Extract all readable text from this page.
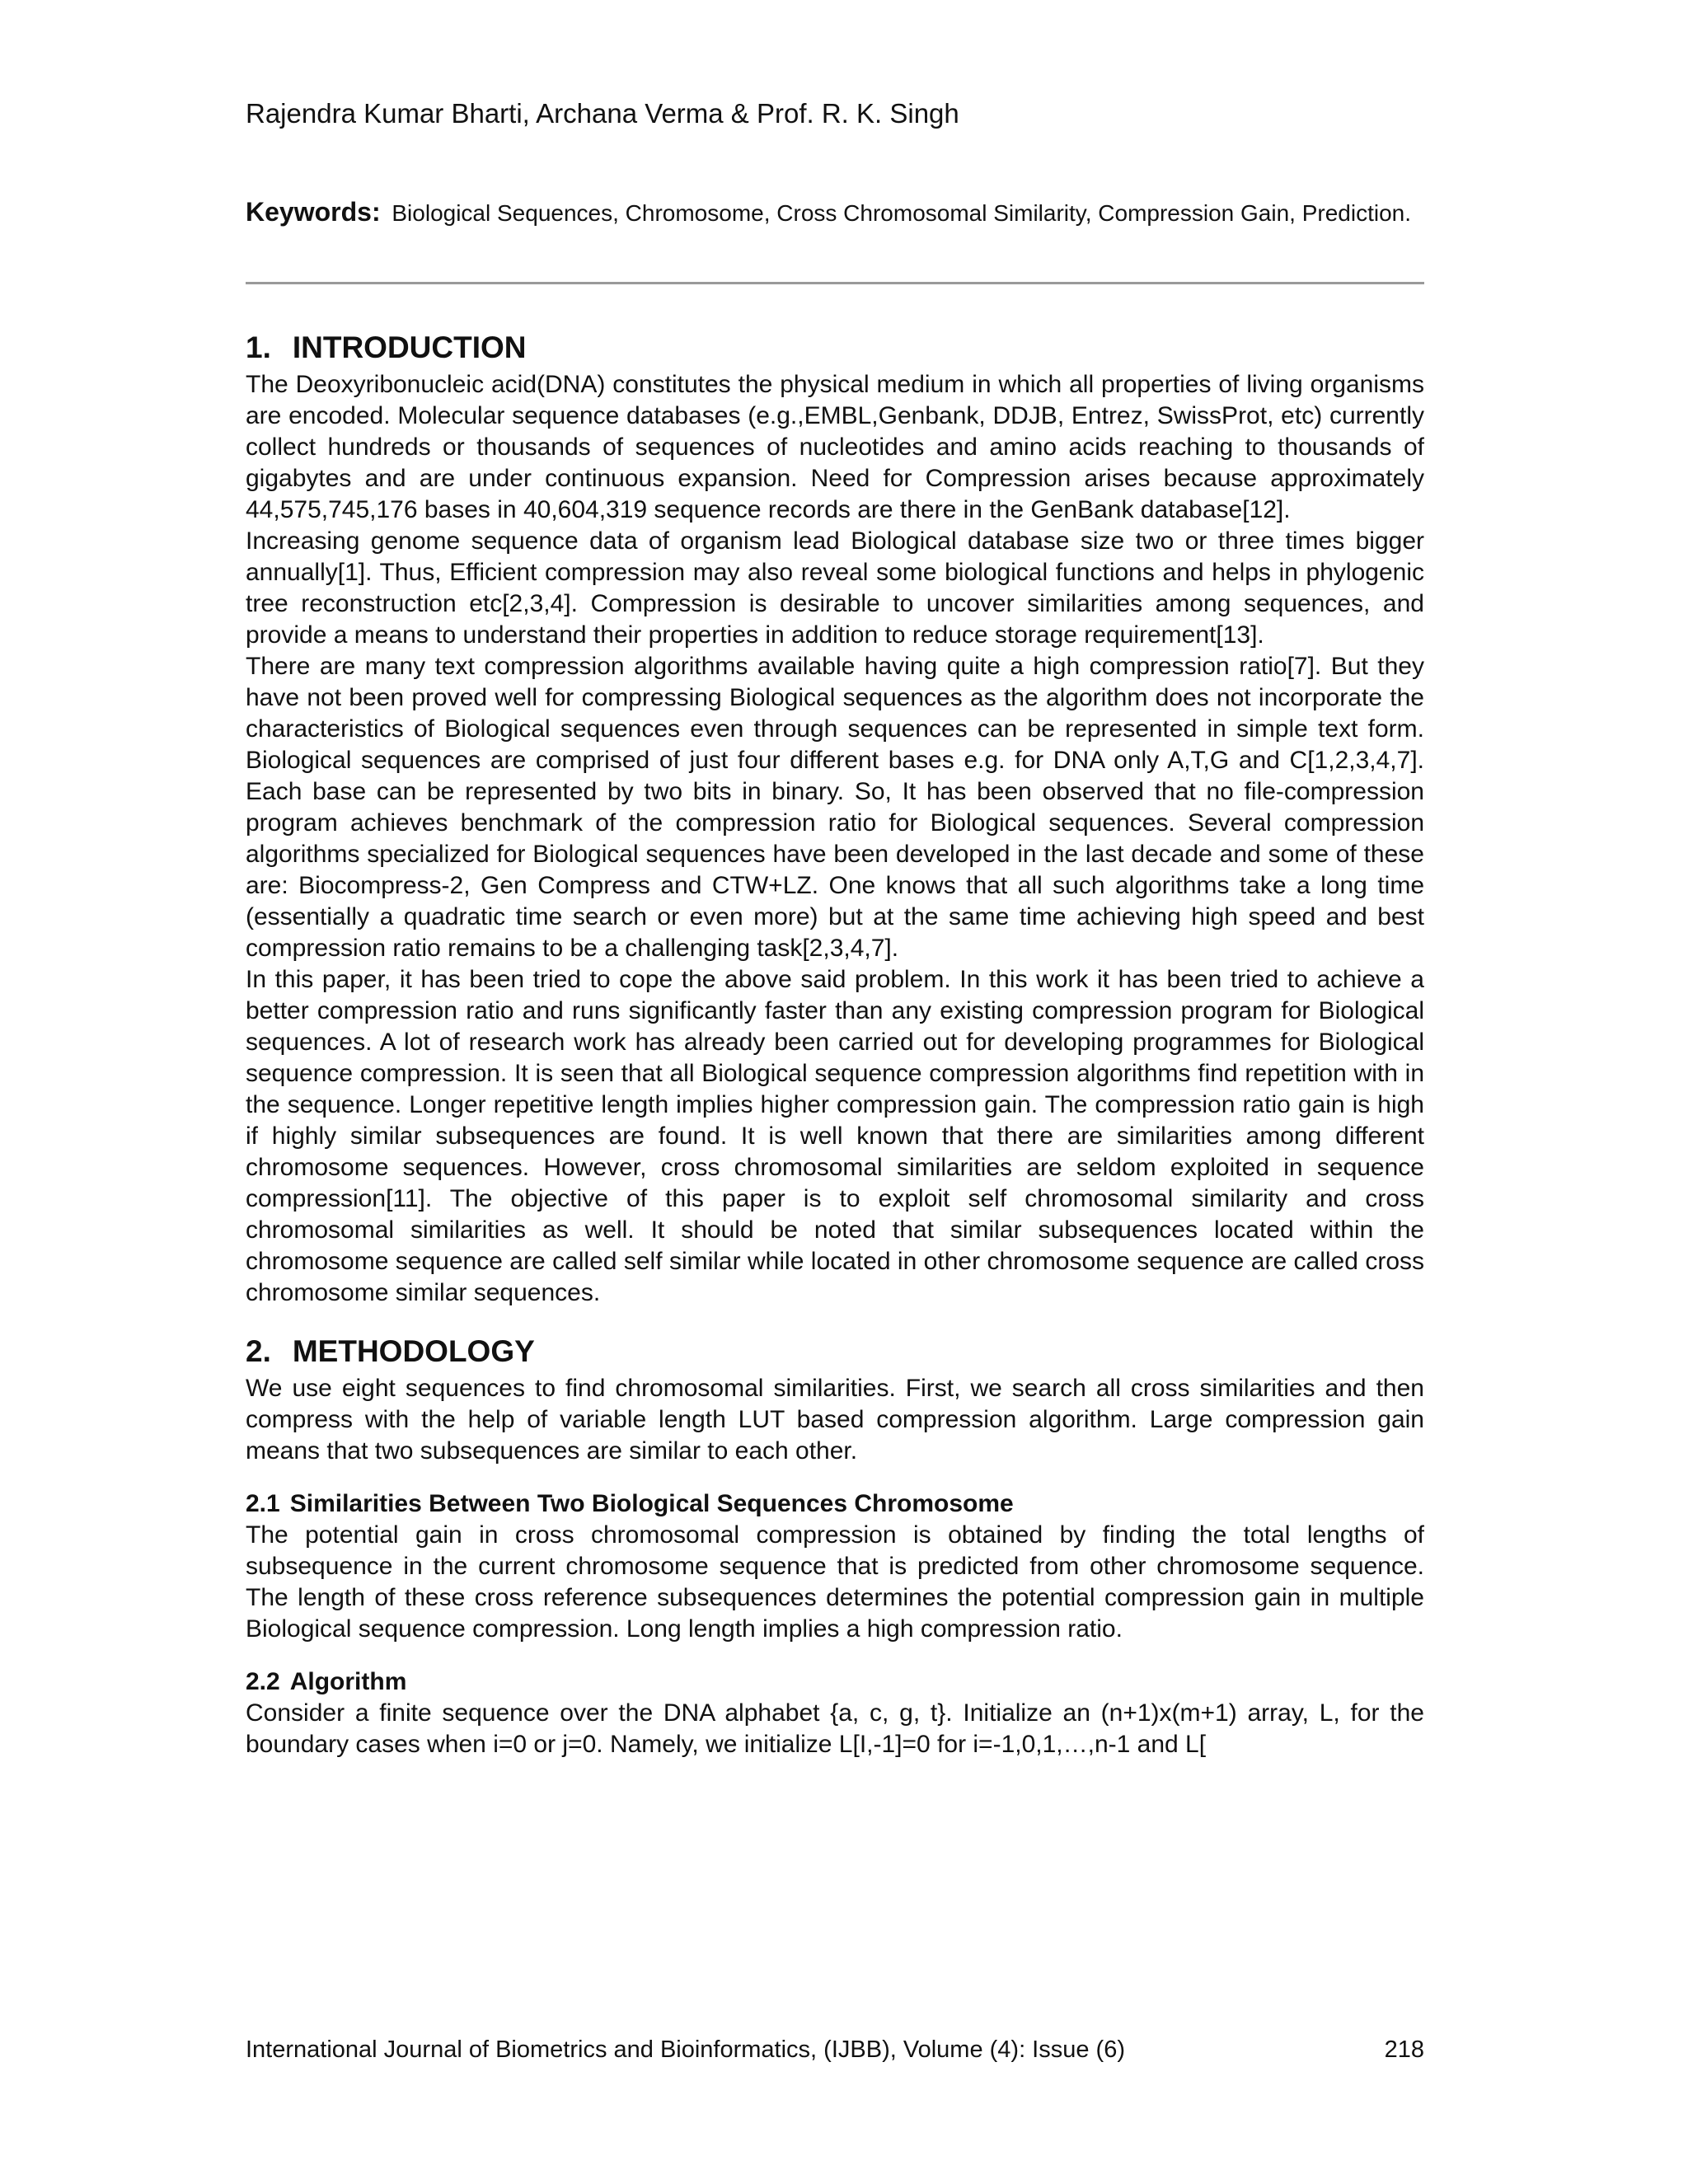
Rajendra Kumar Bharti, Archana Verma & Prof. R. K. Singh
Keywords: Biological Sequences, Chromosome, Cross Chromosomal Similarity, Compression Gain, Prediction.
1. INTRODUCTION

The Deoxyribonucleic acid(DNA) constitutes the physical medium in which all properties of living organisms are encoded. Molecular sequence databases (e.g.,EMBL,Genbank, DDJB, Entrez, SwissProt, etc) currently collect hundreds or thousands of sequences of nucleotides and amino acids reaching to thousands of gigabytes and are under continuous expansion. Need for Compression arises because approximately 44,575,745,176 bases in 40,604,319 sequence records are there in the GenBank database[12].

Increasing genome sequence data of organism lead Biological database size two or three times bigger annually[1]. Thus, Efficient compression may also reveal some biological functions and helps in phylogenic tree reconstruction etc[2,3,4]. Compression is desirable to uncover similarities among sequences, and provide a means to understand their properties in addition to reduce storage requirement[13].

There are many text compression algorithms available having quite a high compression ratio[7]. But they have not been proved well for compressing Biological sequences as the algorithm does not incorporate the characteristics of Biological sequences even through sequences can be represented in simple text form. Biological sequences are comprised of just four different bases e.g. for DNA only A,T,G and C[1,2,3,4,7]. Each base can be represented by two bits in binary. So, It has been observed that no file-compression program achieves benchmark of the compression ratio for Biological sequences. Several compression algorithms specialized for Biological sequences have been developed in the last decade and some of these are: Biocompress-2, Gen Compress and CTW+LZ. One knows that all such algorithms take a long time (essentially a quadratic time search or even more) but at the same time achieving high speed and best compression ratio remains to be a challenging task[2,3,4,7].

In this paper, it has been tried to cope the above said problem. In this work it has been tried to achieve a better compression ratio and runs significantly faster than any existing compression program for Biological sequences. A lot of research work has already been carried out for developing programmes for Biological sequence compression. It is seen that all Biological sequence compression algorithms find repetition with in the sequence. Longer repetitive length implies higher compression gain. The compression ratio gain is high if highly similar subsequences are found. It is well known that there are similarities among different chromosome sequences. However, cross chromosomal similarities are seldom exploited in sequence compression[11]. The objective of this paper is to exploit self chromosomal similarity and cross chromosomal similarities as well. It should be noted that similar subsequences located within the chromosome sequence are called self similar while located in other chromosome sequence are called cross chromosome similar sequences.

2. METHODOLOGY

We use eight sequences to find chromosomal similarities. First, we search all cross similarities and then compress with the help of variable length LUT based compression algorithm. Large compression gain means that two subsequences are similar to each other.

2.1 Similarities Between Two Biological Sequences Chromosome

The potential gain in cross chromosomal compression is obtained by finding the total lengths of subsequence in the current chromosome sequence that is predicted from other chromosome sequence. The length of these cross reference subsequences determines the potential compression gain in multiple Biological sequence compression. Long length implies a high compression ratio.

2.2 Algorithm

Consider a finite sequence over the DNA alphabet {a, c, g, t}. Initialize an (n+1)x(m+1) array, L, for the boundary cases when i=0 or j=0. Namely, we initialize L[I,-1]=0 for i=-1,0,1,…,n-1 and L[

International Journal of Biometrics and Bioinformatics, (IJBB), Volume (4): Issue (6)	218
